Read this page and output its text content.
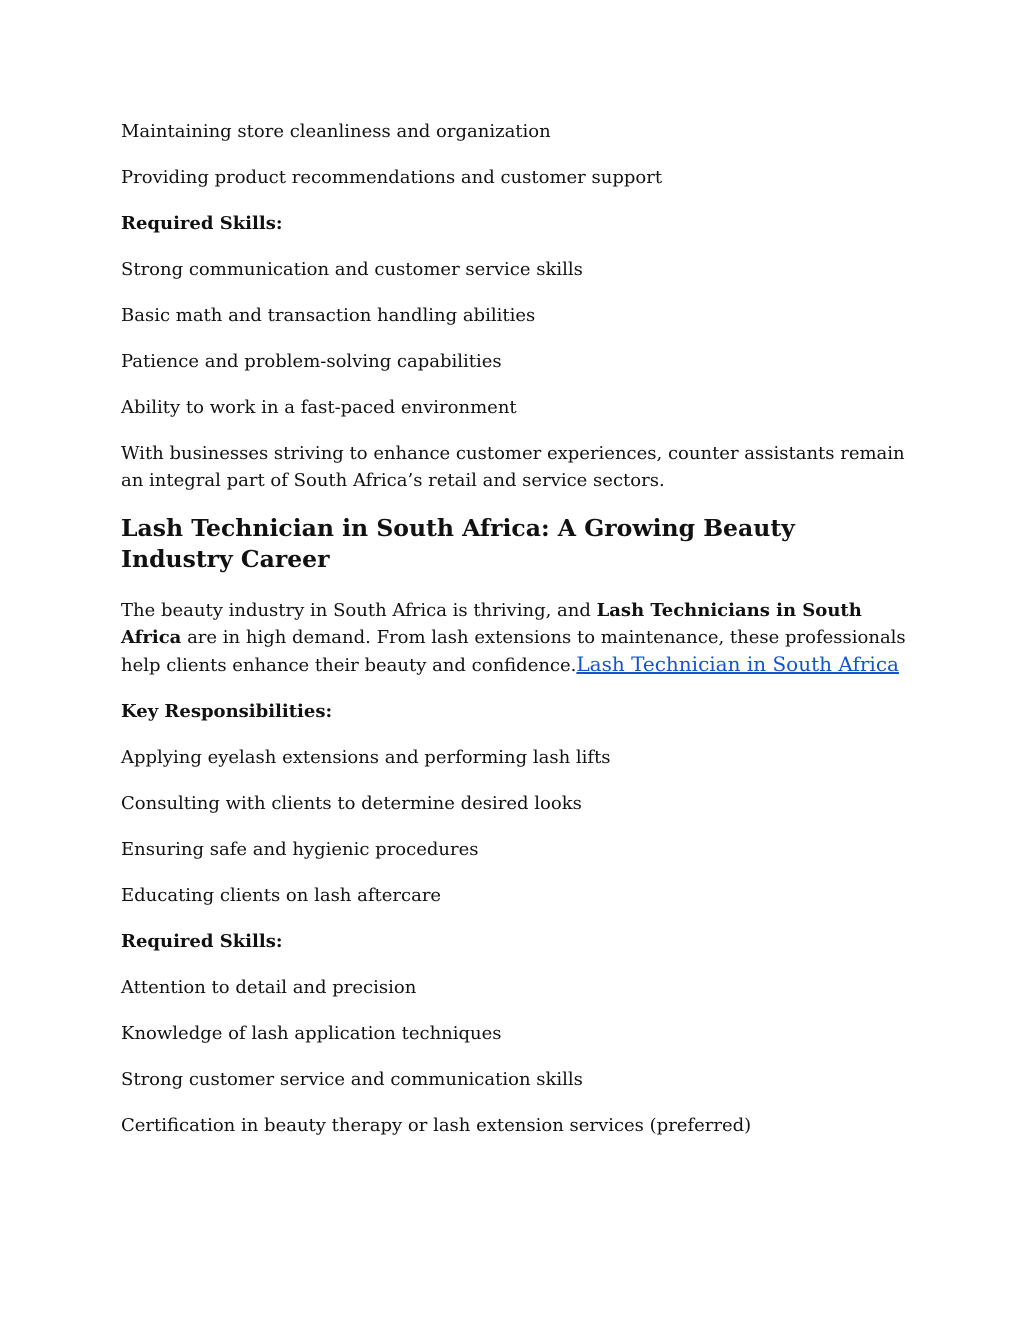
Maintaining store cleanliness and organization

Providing product recommendations and customer support

Required Skills:

Strong communication and customer service skills

Basic math and transaction handling abilities

Patience and problem-solving capabilities

Ability to work in a fast-paced environment

With businesses striving to enhance customer experiences, counter assistants remain an integral part of South Africa’s retail and service sectors.

Lash Technician in South Africa: A Growing Beauty Industry Career

The beauty industry in South Africa is thriving, and Lash Technicians in South Africa are in high demand. From lash extensions to maintenance, these professionals help clients enhance their beauty and confidence.Lash Technician in South Africa

Key Responsibilities:

Applying eyelash extensions and performing lash lifts

Consulting with clients to determine desired looks

Ensuring safe and hygienic procedures

Educating clients on lash aftercare

Required Skills:

Attention to detail and precision

Knowledge of lash application techniques

Strong customer service and communication skills

Certification in beauty therapy or lash extension services (preferred)
